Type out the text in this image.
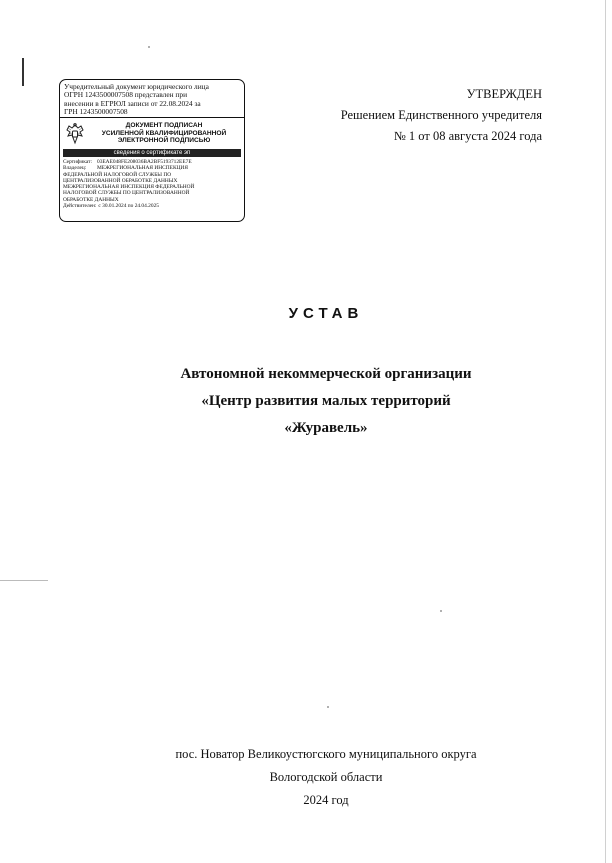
Учредительный документ юридического лица
ОГРН 1243500007508 представлен при
внесении в ЕГРЮЛ записи от 22.08.2024 за
ГРН 1243500007508
ДОКУМЕНТ ПОДПИСАН
УСИЛЕННОЙ КВАЛИФИЦИРОВАННОЙ
ЭЛЕКТРОННОЙ ПОДПИСЬЮ
сведения о сертификате эп
Сертификат: 03EAE048FE208036BA2BF5193712EE7E
Владелец:	МЕЖРЕГИОНАЛЬНАЯ ИНСПЕКЦИЯ
ФЕДЕРАЛЬНОЙ НАЛОГОВОЙ СЛУЖБЫ ПО
ЦЕНТРАЛИЗОВАННОЙ ОБРАБОТКЕ ДАННЫХ
МЕЖРЕГИОНАЛЬНАЯ ИНСПЕКЦИЯ ФЕДЕРАЛЬНОЙ
НАЛОГОВОЙ СЛУЖБЫ ПО ЦЕНТРАЛИЗОВАННОЙ
ОБРАБОТКЕ ДАННЫХ
Действителен: с 30.01.2024 по 24.04.2025
УТВЕРЖДЕН
Решением Единственного учредителя
№ 1 от 08 августа 2024 года
УСТАВ
Автономной некоммерческой организации
«Центр развития малых территорий
«Журавель»
пос. Новатор Великоустюгского муниципального округа
Вологодской области
2024 год
